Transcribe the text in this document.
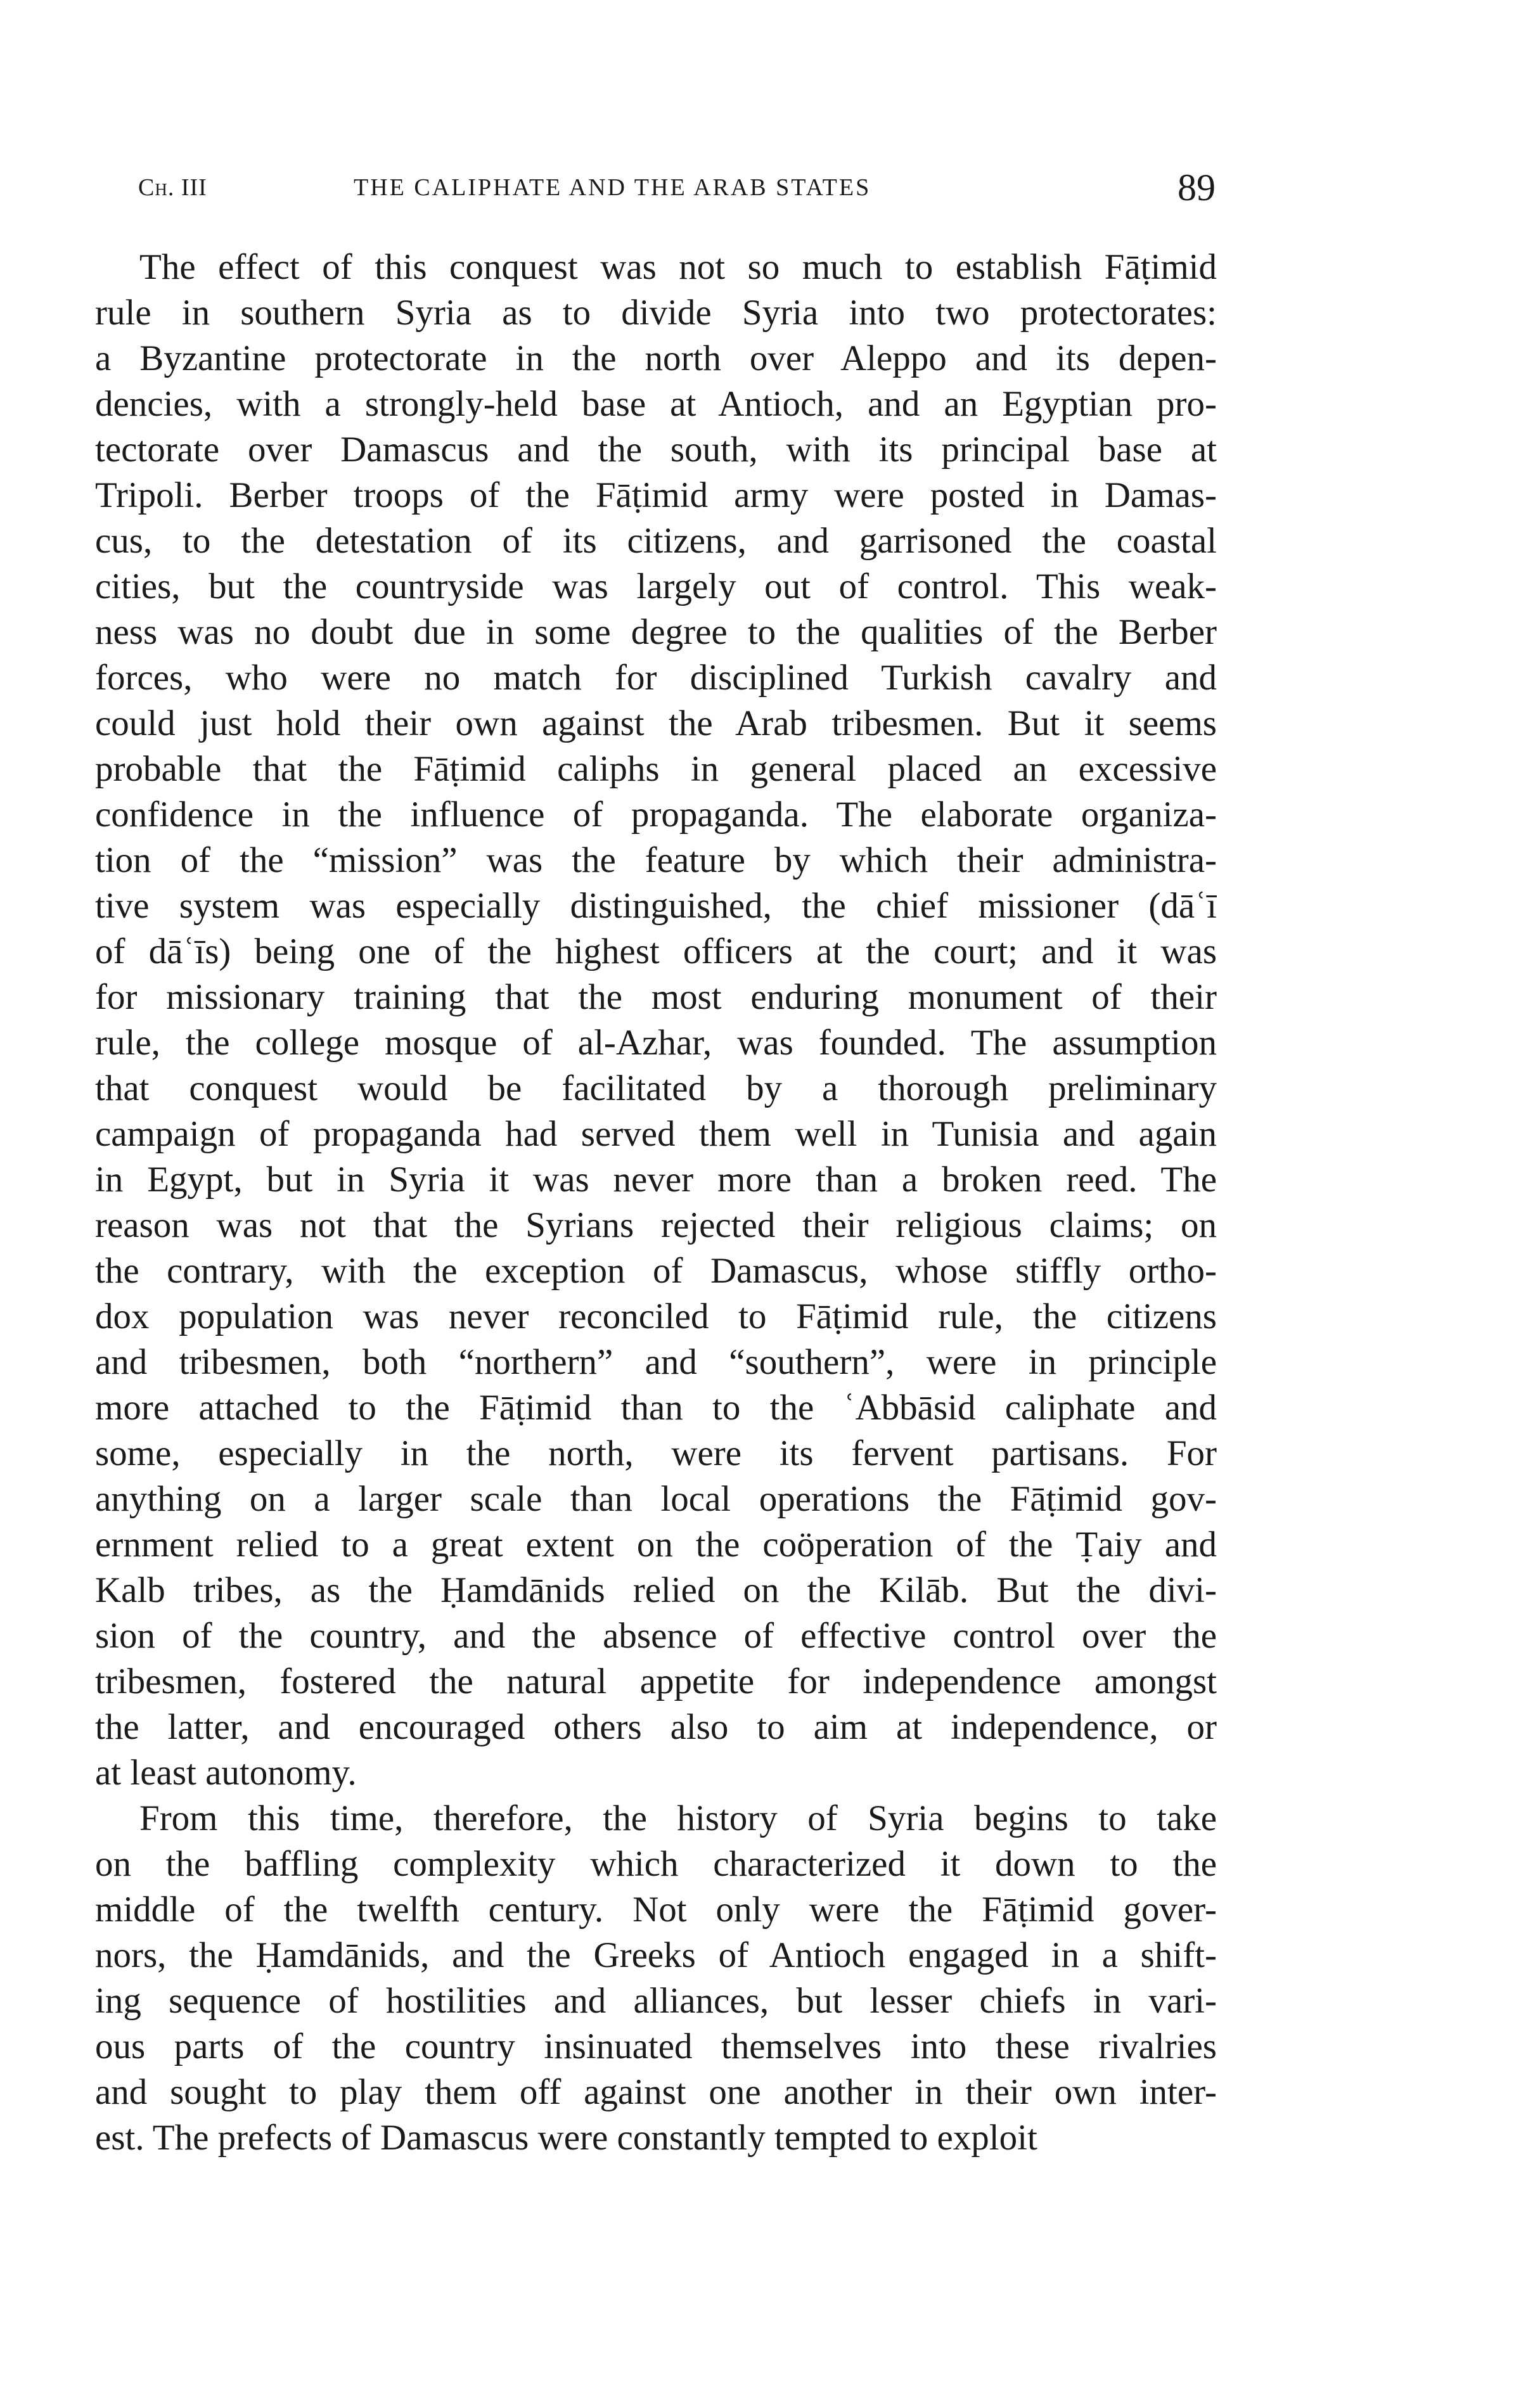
Ch. III	THE CALIPHATE AND THE ARAB STATES	89
The effect of this conquest was not so much to establish Fāṭimid
rule in southern Syria as to divide Syria into two protectorates:
a Byzantine protectorate in the north over Aleppo and its depen-
dencies, with a strongly-held base at Antioch, and an Egyptian pro-
tectorate over Damascus and the south, with its principal base at
Tripoli. Berber troops of the Fāṭimid army were posted in Damas-
cus, to the detestation of its citizens, and garrisoned the coastal
cities, but the countryside was largely out of control. This weak-
ness was no doubt due in some degree to the qualities of the Berber
forces, who were no match for disciplined Turkish cavalry and
could just hold their own against the Arab tribesmen. But it seems
probable that the Fāṭimid caliphs in general placed an excessive
confidence in the influence of propaganda. The elaborate organiza-
tion of the “mission” was the feature by which their administra-
tive system was especially distinguished, the chief missioner (dāʿī
of dāʿīs) being one of the highest officers at the court; and it was
for missionary training that the most enduring monument of their
rule, the college mosque of al-Azhar, was founded. The assumption
that conquest would be facilitated by a thorough preliminary
campaign of propaganda had served them well in Tunisia and again
in Egypt, but in Syria it was never more than a broken reed. The
reason was not that the Syrians rejected their religious claims; on
the contrary, with the exception of Damascus, whose stiffly ortho-
dox population was never reconciled to Fāṭimid rule, the citizens
and tribesmen, both “northern” and “southern”, were in principle
more attached to the Fāṭimid than to the ʿAbbāsid caliphate and
some, especially in the north, were its fervent partisans. For
anything on a larger scale than local operations the Fāṭimid gov-
ernment relied to a great extent on the coöperation of the Ṭaiy and
Kalb tribes, as the Ḥamdānids relied on the Kilāb. But the divi-
sion of the country, and the absence of effective control over the
tribesmen, fostered the natural appetite for independence amongst
the latter, and encouraged others also to aim at independence, or
at least autonomy.
From this time, therefore, the history of Syria begins to take
on the baffling complexity which characterized it down to the
middle of the twelfth century. Not only were the Fāṭimid gover-
nors, the Ḥamdānids, and the Greeks of Antioch engaged in a shift-
ing sequence of hostilities and alliances, but lesser chiefs in vari-
ous parts of the country insinuated themselves into these rivalries
and sought to play them off against one another in their own inter-
est. The prefects of Damascus were constantly tempted to exploit
